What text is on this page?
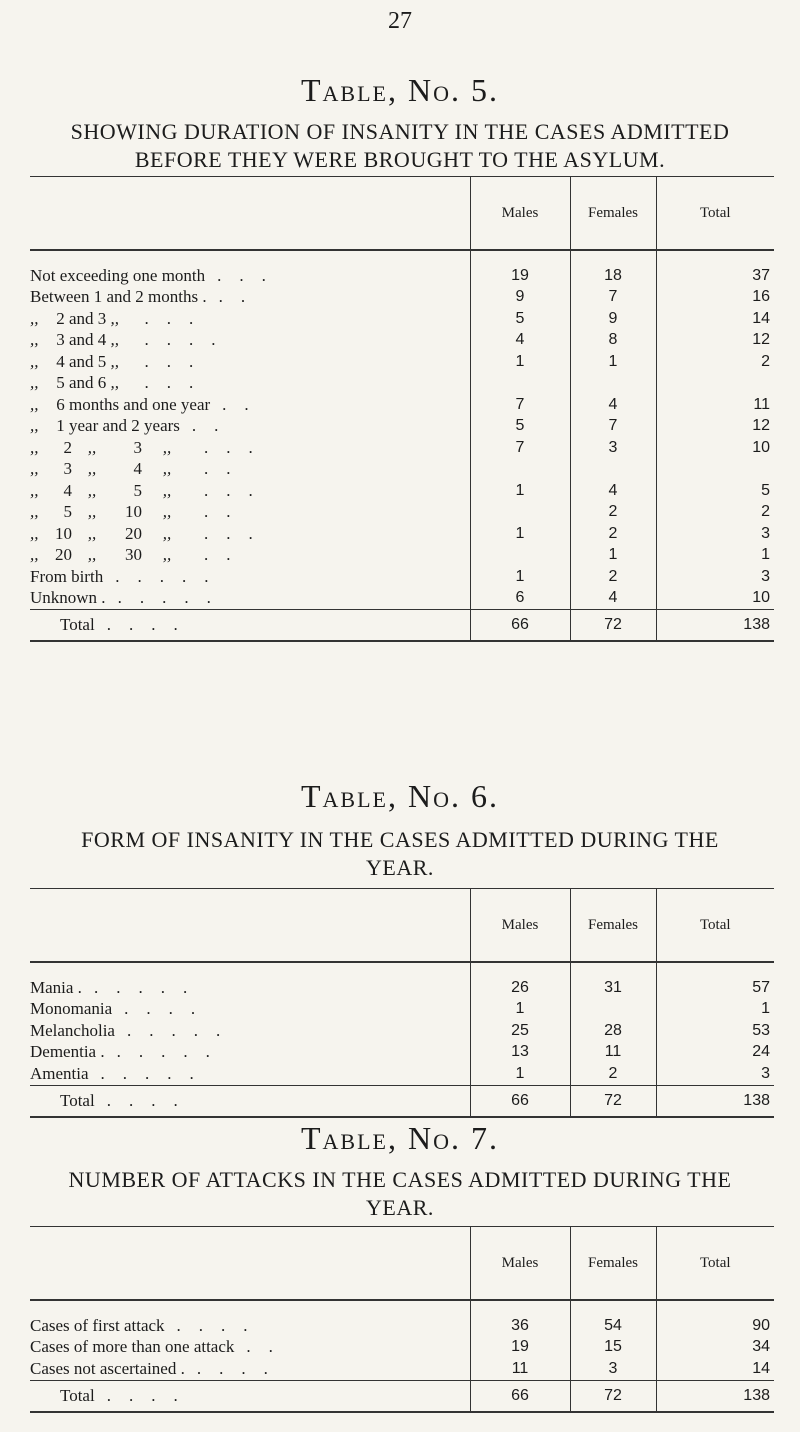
27
Table, No. 5.
SHOWING DURATION OF INSANITY IN THE CASES ADMITTED
BEFORE THEY WERE BROUGHT TO THE ASYLUM.
	Males	Females	Total

Not exceeding one month ...	19	18	37
Between 1 and 2 months . ..	9	7	16
,, 2 and 3 ,, ...	5	9	14
,, 3 and 4 ,, ....	4	8	12
,, 4 and 5 ,, ...	1	1	2
,, 5 and 6 ,, ...			
,, 6 months and one year ..	7	4	11
,, 1 year and 2 years ..	5	7	12
,, 2 ,, 3 ,, ...	7	3	10
,, 3 ,, 4 ,, ..			
,, 4 ,, 5 ,, ...	1	4	5
,, 5 ,, 10 ,, ..		2	2
,, 10 ,, 20 ,, ...	1	2	3
,, 20 ,, 30 ,, ..		1	1
From birth .....	1	2	3
Unknown . .....	6	4	10
Total ....	66	72	138
Table, No. 6.
FORM OF INSANITY IN THE CASES ADMITTED DURING THE
YEAR.
	Males	Females	Total

Mania . .....	26	31	57
Monomania ....	1		1
Melancholia .....	25	28	53
Dementia . .....	13	11	24
Amentia .....	1	2	3
Total ....	66	72	138
Table, No. 7.
NUMBER OF ATTACKS IN THE CASES ADMITTED DURING THE
YEAR.
	Males	Females	Total

Cases of first attack ....	36	54	90
Cases of more than one attack ..	19	15	34
Cases not ascertained . ....	11	3	14
Total ....	66	72	138
